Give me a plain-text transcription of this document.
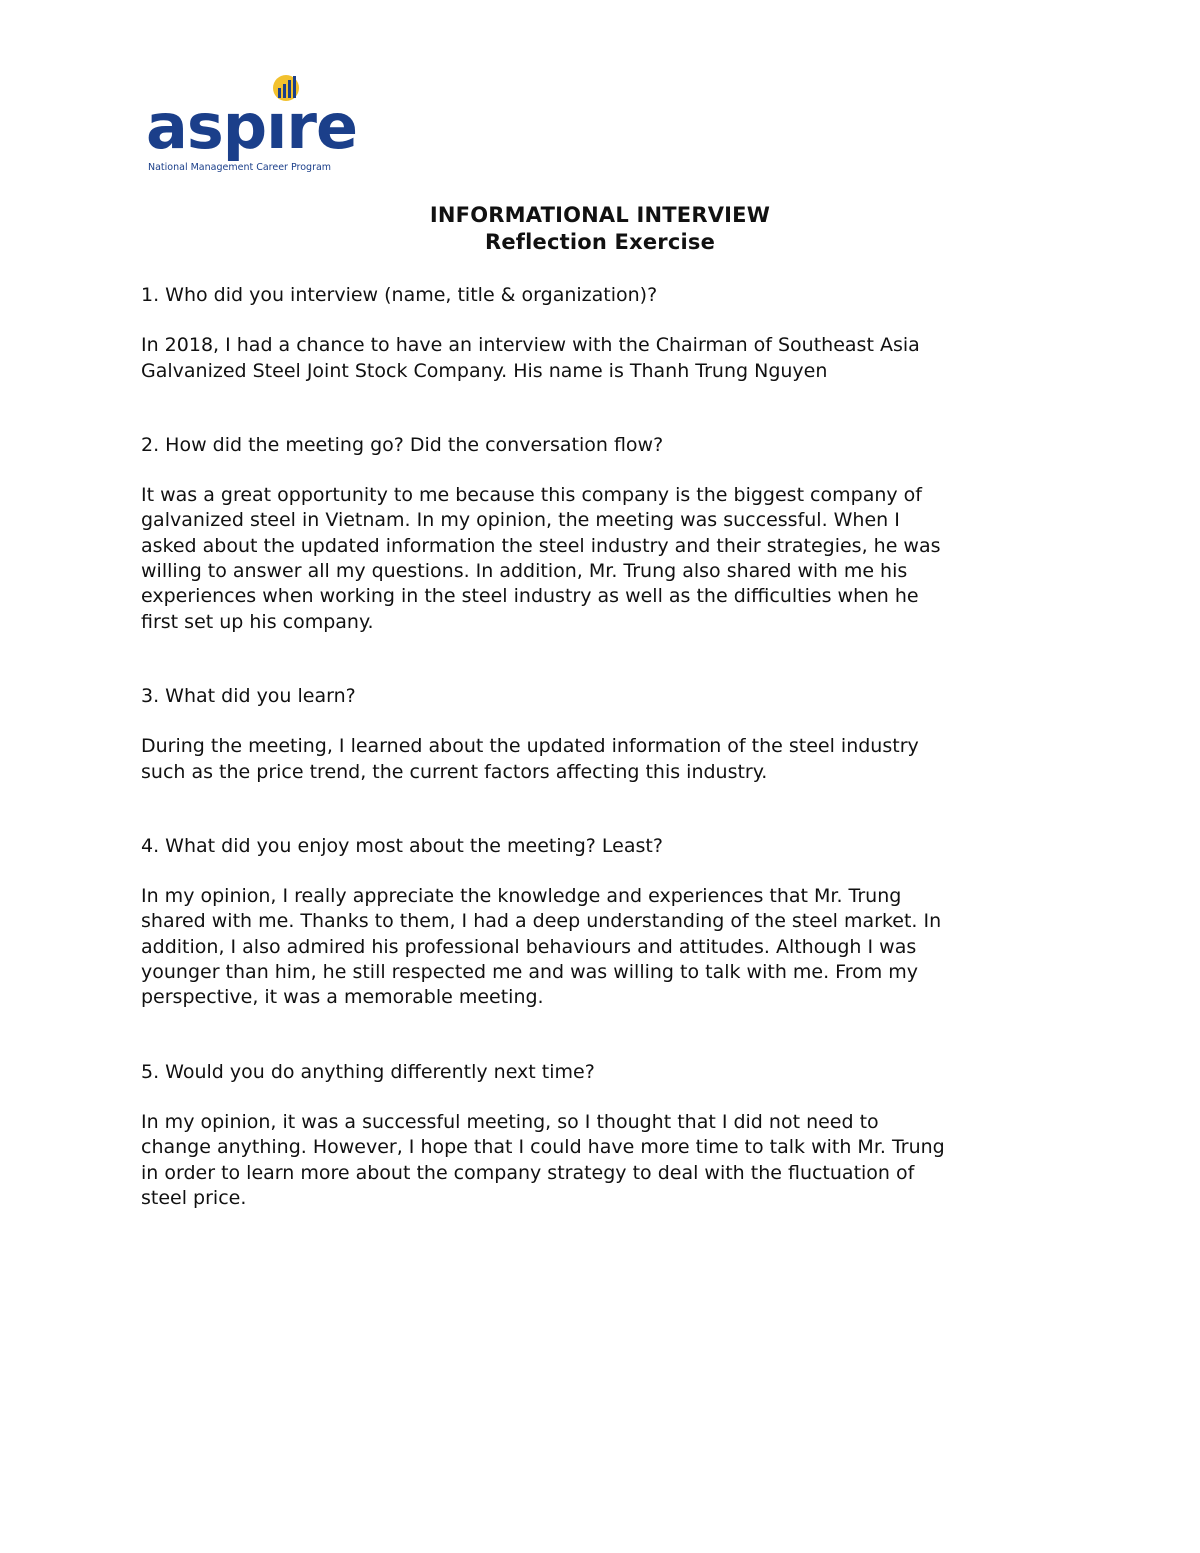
aspıre
National Management Career Program
INFORMATIONAL INTERVIEW
Reflection Exercise

1. Who did you interview (name, title & organization)?

In 2018, I had a chance to have an interview with the Chairman of Southeast Asia
Galvanized Steel Joint Stock Company. His name is Thanh Trung Nguyen

2. How did the meeting go? Did the conversation flow?

It was a great opportunity to me because this company is the biggest company of
galvanized steel in Vietnam. In my opinion, the meeting was successful. When I
asked about the updated information the steel industry and their strategies, he was
willing to answer all my questions. In addition, Mr. Trung also shared with me his
experiences when working in the steel industry as well as the difficulties when he
first set up his company.

3. What did you learn?

During the meeting, I learned about the updated information of the steel industry
such as the price trend, the current factors affecting this industry.

4. What did you enjoy most about the meeting? Least?

In my opinion, I really appreciate the knowledge and experiences that Mr. Trung
shared with me. Thanks to them, I had a deep understanding of the steel market. In
addition, I also admired his professional behaviours and attitudes. Although I was
younger than him, he still respected me and was willing to talk with me. From my
perspective, it was a memorable meeting.

5. Would you do anything differently next time?

In my opinion, it was a successful meeting, so I thought that I did not need to
change anything. However, I hope that I could have more time to talk with Mr. Trung
in order to learn more about the company strategy to deal with the fluctuation of
steel price.
